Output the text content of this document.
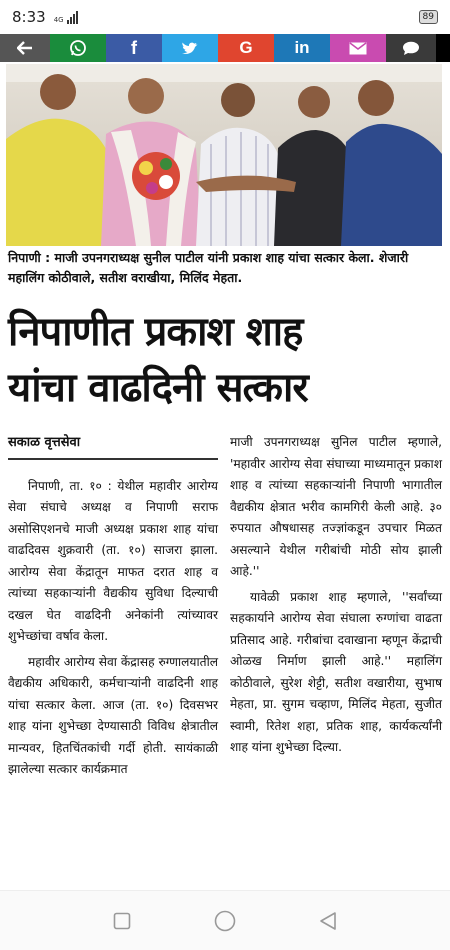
8:33 4G	89
f	G in
निपाणी : माजी उपनगराध्यक्ष सुनील पाटील यांनी प्रकाश शाह यांचा सत्कार केला. शेजारी महालिंग कोठीवाले, सतीश वराखीया, मिलिंद मेहता.
निपाणीत प्रकाश शाह
यांचा वाढदिनी सत्कार
सकाळ वृत्तसेवा

निपाणी, ता. १० : येथील महावीर आरोग्य सेवा संघाचे अध्यक्ष व निपाणी सराफ असोसिएशनचे माजी अध्यक्ष प्रकाश शाह यांचा वाढदिवस शुक्रवारी (ता. १०) साजरा झाला. आरोग्य सेवा केंद्रातून माफत दरात शाह व त्यांच्या सहकाऱ्यांनी वैद्यकीय सुविधा दिल्याची दखल घेत वाढदिनी अनेकांनी त्यांच्यावर शुभेच्छांचा वर्षाव केला.

महावीर आरोग्य सेवा केंद्रासह रुग्णालयातील वैद्यकीय अधिकारी, कर्मचाऱ्यांनी वाढदिनी शाह यांचा सत्कार केला. आज (ता. १०) दिवसभर शाह यांना शुभेच्छा देण्यासाठी विविध क्षेत्रातील मान्यवर, हितचिंतकांची गर्दी होती. सायंकाळी झालेल्या सत्कार कार्यक्रमात

माजी उपनगराध्यक्ष सुनिल पाटील म्हणाले, 'महावीर आरोग्य सेवा संघाच्या माध्यमातून प्रकाश शाह व त्यांच्या सहकाऱ्यांनी निपाणी भागातील वैद्यकीय क्षेत्रात भरीव कामगिरी केली आहे. ३० रुपयात औषधासह तज्ज्ञांकडून उपचार मिळत असल्याने येथील गरीबांची मोठी सोय झाली आहे.''

यावेळी प्रकाश शाह म्हणाले, ''सर्वांच्या सहकार्याने आरोग्य सेवा संघाला रुग्णांचा वाढता प्रतिसाद आहे. गरीबांचा दवाखाना म्हणून केंद्राची ओळख निर्माण झाली आहे.'' महालिंग कोठीवाले, सुरेश शेट्टी, सतीश वखारीया, सुभाष मेहता, प्रा. सुगम चव्हाण, मिलिंद मेहता, सुजीत स्वामी, रितेश शहा, प्रतिक शाह, कार्यकर्त्यांनी शाह यांना शुभेच्छा दिल्या.
